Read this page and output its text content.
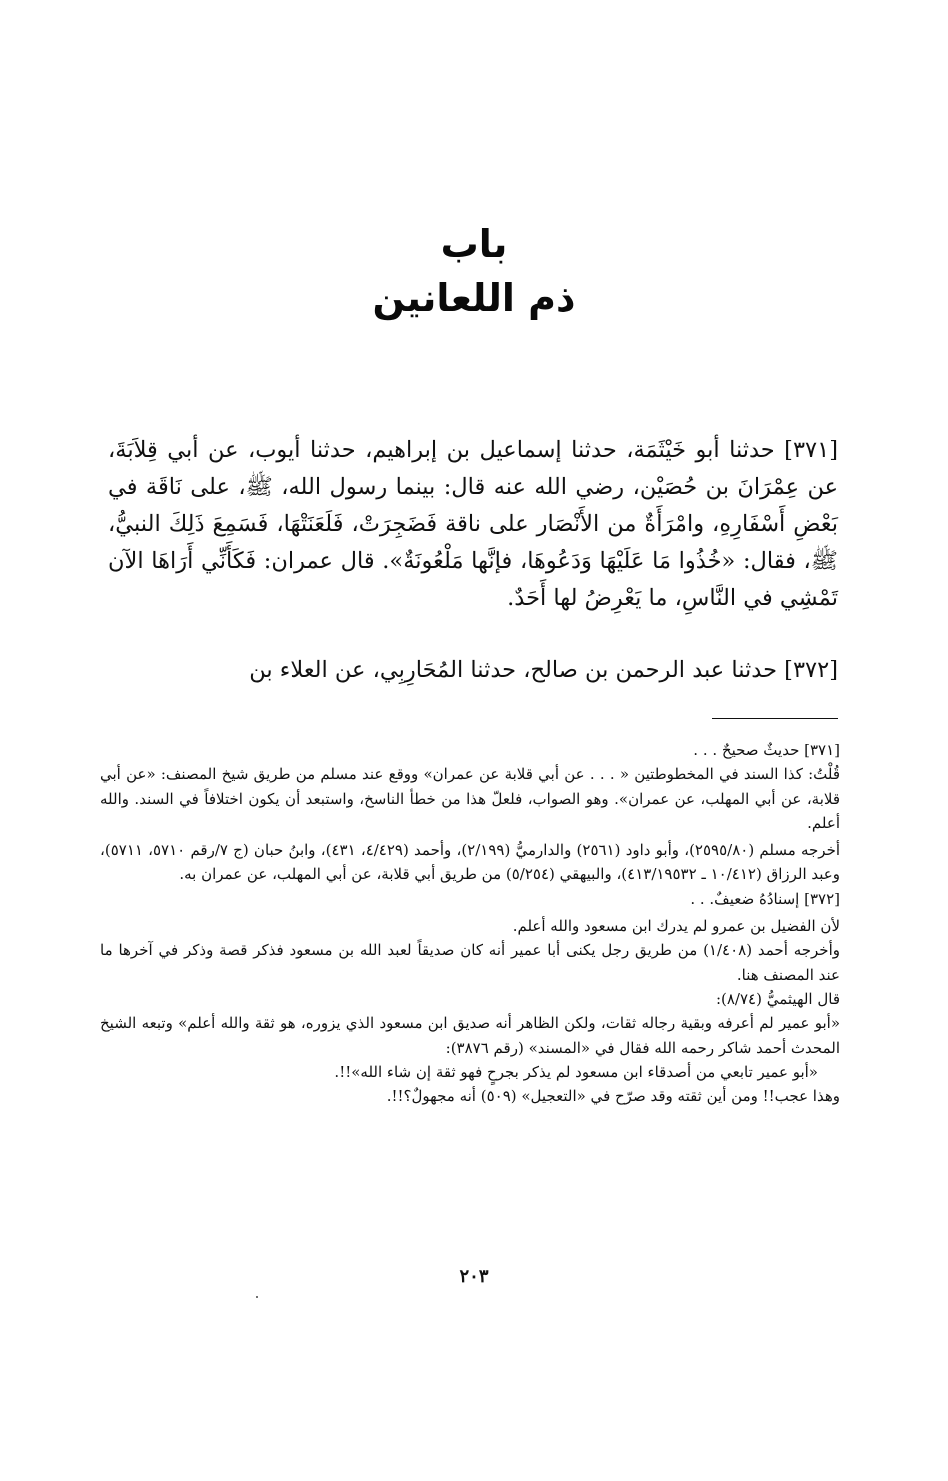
باب
ذم اللعانين

[٣٧١] حدثنا أبو خَيْثَمَة، حدثنا إسماعيل بن إبراهيم، حدثنا أيوب، عن أبي قِلاَبَةَ، عن عِمْرَانَ بن حُصَيْن، رضي الله عنه قال: بينما رسول الله، ﷺ، على نَاقَة في بَعْضِ أَسْفَارِهِ، وامْرَأَةٌ من الأَنْصَار على ناقة فَضَجِرَتْ، فَلَعَنَتْهَا، فَسَمِعَ ذَلِكَ النبيُّ، ﷺ، فقال: «خُذُوا مَا عَلَيْهَا وَدَعُوهَا، فإنَّها مَلْعُونَةٌ». قال عمران: فَكَأَنِّي أَرَاهَا الآن تَمْشِي في النَّاسِ، ما يَعْرِضُ لها أَحَدٌ.

[٣٧٢] حدثنا عبد الرحمن بن صالح، حدثنا المُحَارِبِي، عن العلاء بن

[٣٧١] حديثٌ صحيحٌ . . .

قُلْتُ: كذا السند في المخطوطتين « . . . عن أبي قلابة عن عمران» ووقع عند مسلم من طريق شيخ المصنف: «عن أبي قلابة، عن أبي المهلب، عن عمران». وهو الصواب، فلعلّ هذا من خطأ الناسخ، واستبعد أن يكون اختلافاً في السند. والله أعلم.

أخرجه مسلم (٢٥٩٥/٨٠)، وأبو داود (٢٥٦١) والدارميُّ (٢/١٩٩)، وأحمد (٤/٤٢٩، ٤٣١)، وابنُ حبان (ج ٧/رقم ٥٧١٠، ٥٧١١)، وعبد الرزاق (١٠/٤١٢ ـ ٤١٣/١٩٥٣٢)، والبيهقي (٥/٢٥٤) من طريق أبي قلابة، عن أبي المهلب، عن عمران به.

[٣٧٢] إسنادُهُ ضعيفٌ. . .

لأن الفضيل بن عمرو لم يدرك ابن مسعود والله أعلم.

وأخرجه أحمد (١/٤٠٨) من طريق رجل يكنى أبا عمير أنه كان صديقاً لعبد الله بن مسعود فذكر قصة وذكر في آخرها ما عند المصنف هنا.

قال الهيثميُّ (٨/٧٤):

«أبو عمير لم أعرفه وبقية رجاله ثقات، ولكن الظاهر أنه صديق ابن مسعود الذي يزوره، هو ثقة والله أعلم» وتبعه الشيخ المحدث أحمد شاكر رحمه الله فقال في «المسند» (رقم ٣٨٧٦):

«أبو عمير تابعي من أصدقاء ابن مسعود لم يذكر بجرحٍ فهو ثقة إن شاء الله»!!.

وهذا عجب!! ومن أين ثقته وقد صرّح في «التعجيل» (٥٠٩) أنه مجهولٌ؟!!.

٢٠٣
